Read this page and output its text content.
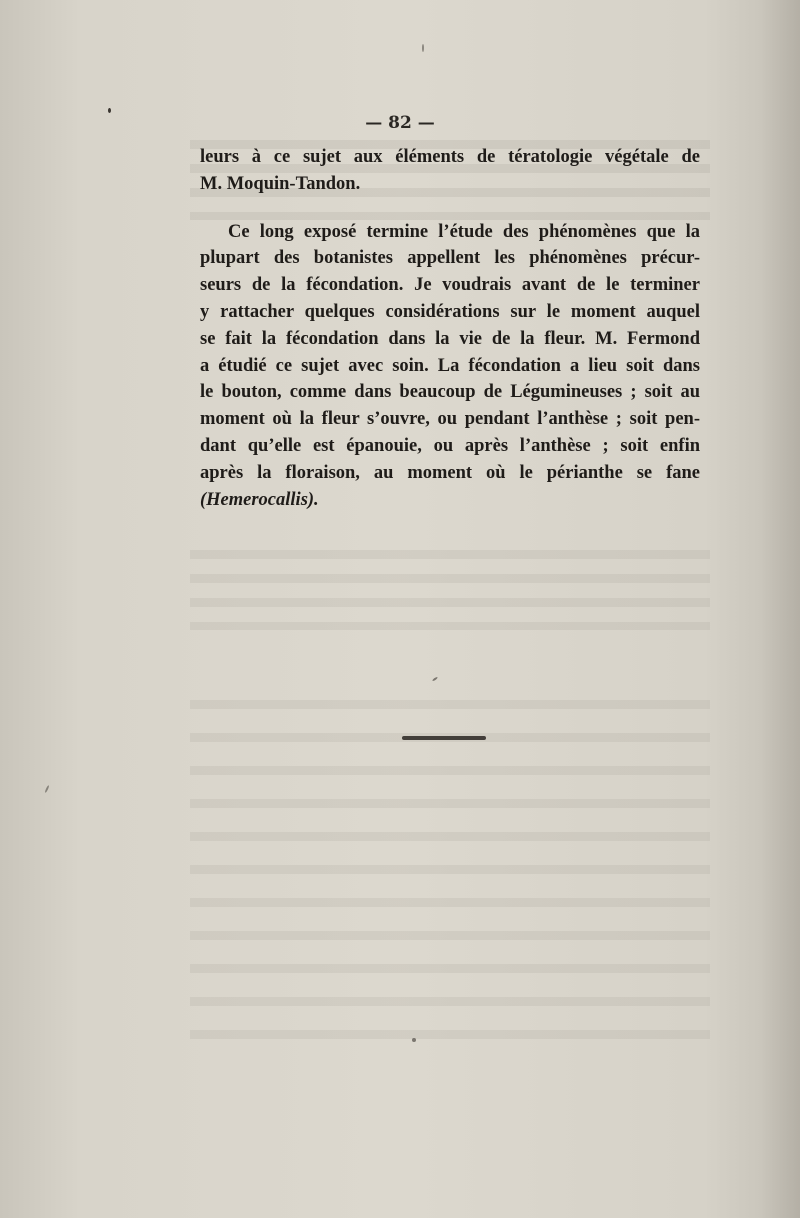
— 82 —
leurs à ce sujet aux éléments de tératologie végétale de
M. Moquin-Tandon.
Ce long exposé termine l’étude des phénomènes que la
plupart des botanistes appellent les phénomènes précur-
seurs de la fécondation. Je voudrais avant de le terminer
y rattacher quelques considérations sur le moment auquel
se fait la fécondation dans la vie de la fleur. M. Fermond
a étudié ce sujet avec soin. La fécondation a lieu soit dans
le bouton, comme dans beaucoup de Légumineuses ; soit au
moment où la fleur s’ouvre, ou pendant l’anthèse ; soit pen-
dant qu’elle est épanouie, ou après l’anthèse ; soit enfin
après la floraison, au moment où le périanthe se fane
(Hemerocallis).
